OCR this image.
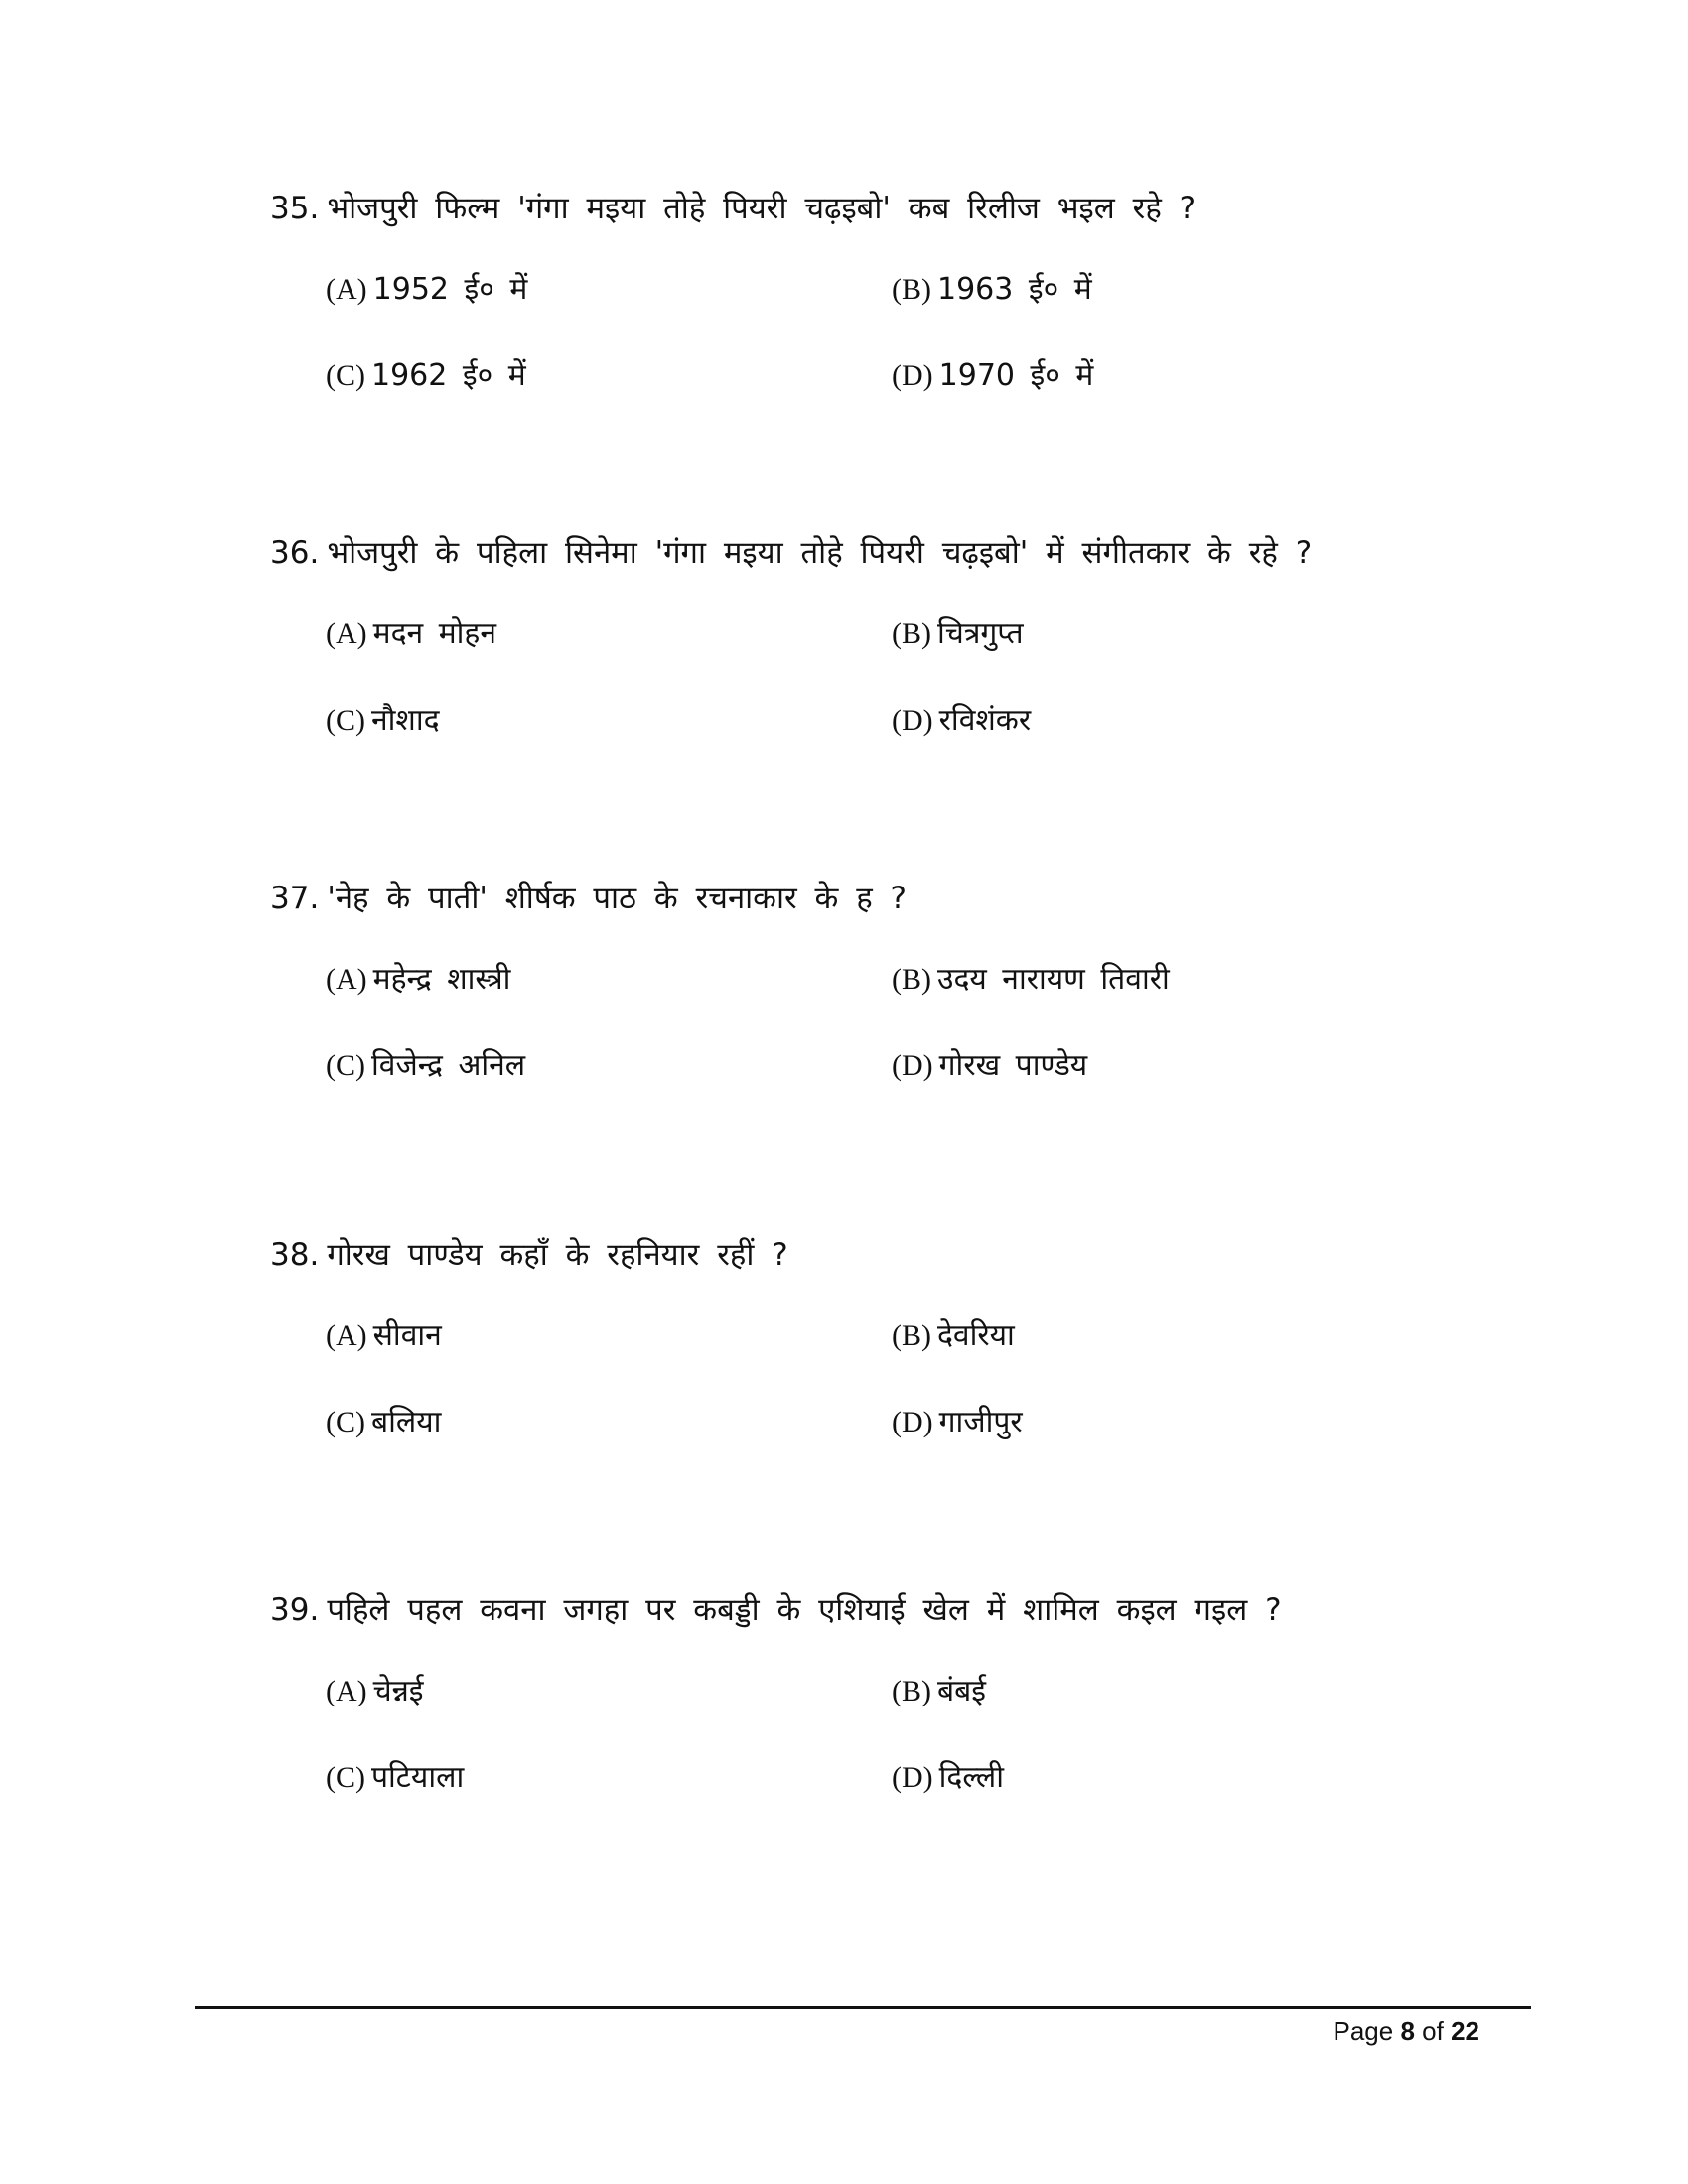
35. भोजपुरी फिल्म 'गंगा मइया तोहे पियरी चढ़इबो' कब रिलीज भइल रहे ?
(A) 1952 ई० में	(B) 1963 ई० में
(C) 1962 ई० में	(D) 1970 ई० में
36. भोजपुरी के पहिला सिनेमा 'गंगा मइया तोहे पियरी चढ़इबो' में संगीतकार के रहे ?
(A) मदन मोहन	(B) चित्रगुप्त
(C) नौशाद	(D) रविशंकर
37. 'नेह के पाती' शीर्षक पाठ के रचनाकार के ह ?
(A) महेन्द्र शास्त्री	(B) उदय नारायण तिवारी
(C) विजेन्द्र अनिल	(D) गोरख पाण्डेय
38. गोरख पाण्डेय कहाँ के रहनियार रहीं ?
(A) सीवान	(B) देवरिया
(C) बलिया	(D) गाजीपुर
39. पहिले पहल कवना जगहा पर कबड्डी के एशियाई खेल में शामिल कइल गइल ?
(A) चेन्नई	(B) बंबई
(C) पटियाला	(D) दिल्ली
Page 8 of 22
